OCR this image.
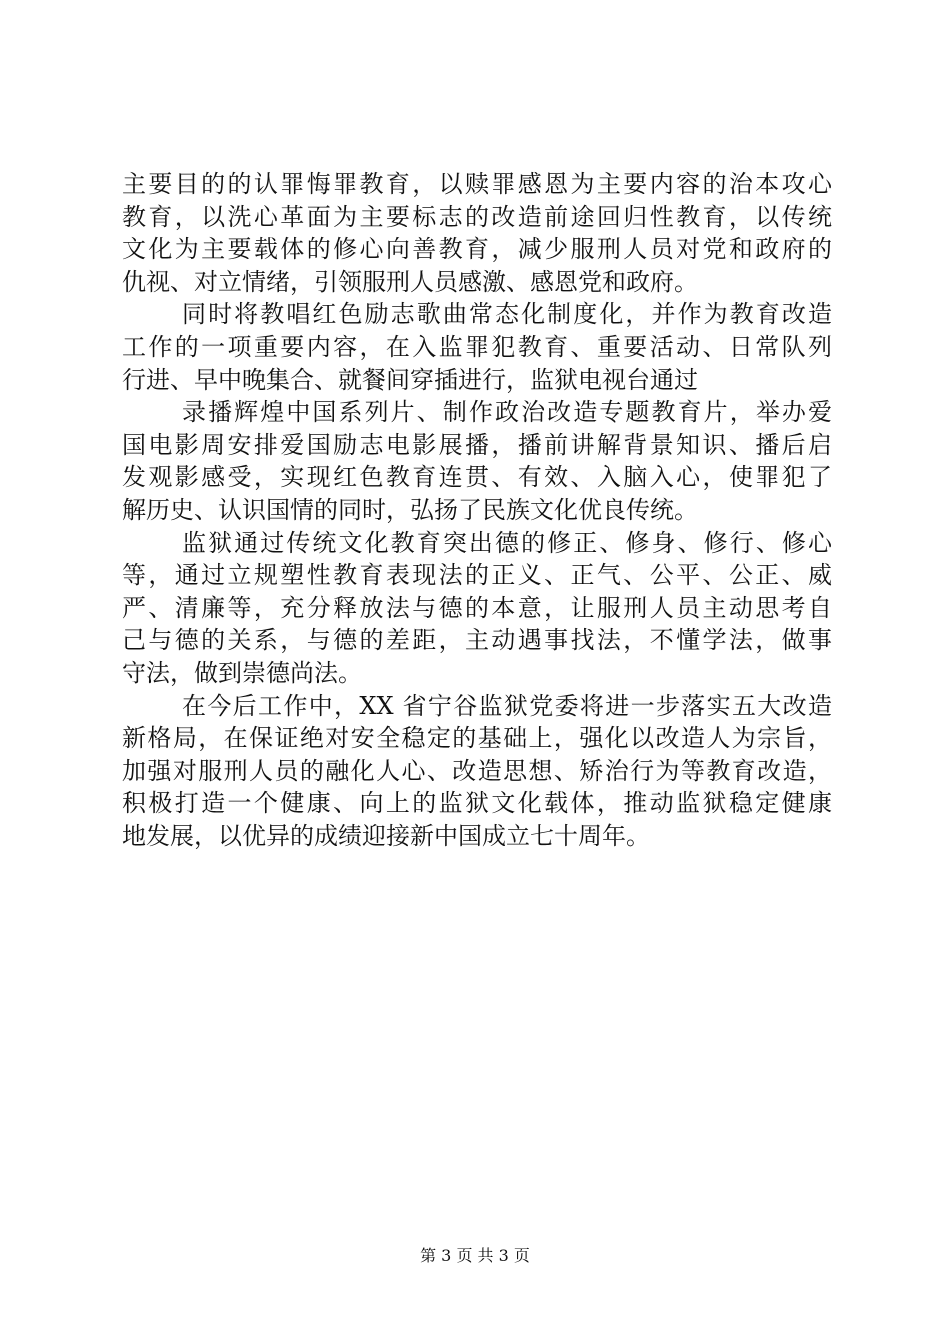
主要目的的认罪悔罪教育，以赎罪感恩为主要内容的治本攻心
教育，以洗心革面为主要标志的改造前途回归性教育，以传统
文化为主要载体的修心向善教育，减少服刑人员对党和政府的
仇视、对立情绪，引领服刑人员感激、感恩党和政府。
同时将教唱红色励志歌曲常态化制度化，并作为教育改造
工作的一项重要内容，在入监罪犯教育、重要活动、日常队列
行进、早中晚集合、就餐间穿插进行，监狱电视台通过
录播辉煌中国系列片、制作政治改造专题教育片，举办爱
国电影周安排爱国励志电影展播，播前讲解背景知识、播后启
发观影感受，实现红色教育连贯、有效、入脑入心，使罪犯了
解历史、认识国情的同时，弘扬了民族文化优良传统。
监狱通过传统文化教育突出德的修正、修身、修行、修心
等，通过立规塑性教育表现法的正义、正气、公平、公正、威
严、清廉等，充分释放法与德的本意，让服刑人员主动思考自
己与德的关系，与德的差距，主动遇事找法，不懂学法，做事
守法，做到崇德尚法。
在今后工作中，XX 省宁谷监狱党委将进一步落实五大改造
新格局，在保证绝对安全稳定的基础上，强化以改造人为宗旨，
加强对服刑人员的融化人心、改造思想、矫治行为等教育改造，
积极打造一个健康、向上的监狱文化载体，推动监狱稳定健康
地发展，以优异的成绩迎接新中国成立七十周年。
第 3 页 共 3 页
